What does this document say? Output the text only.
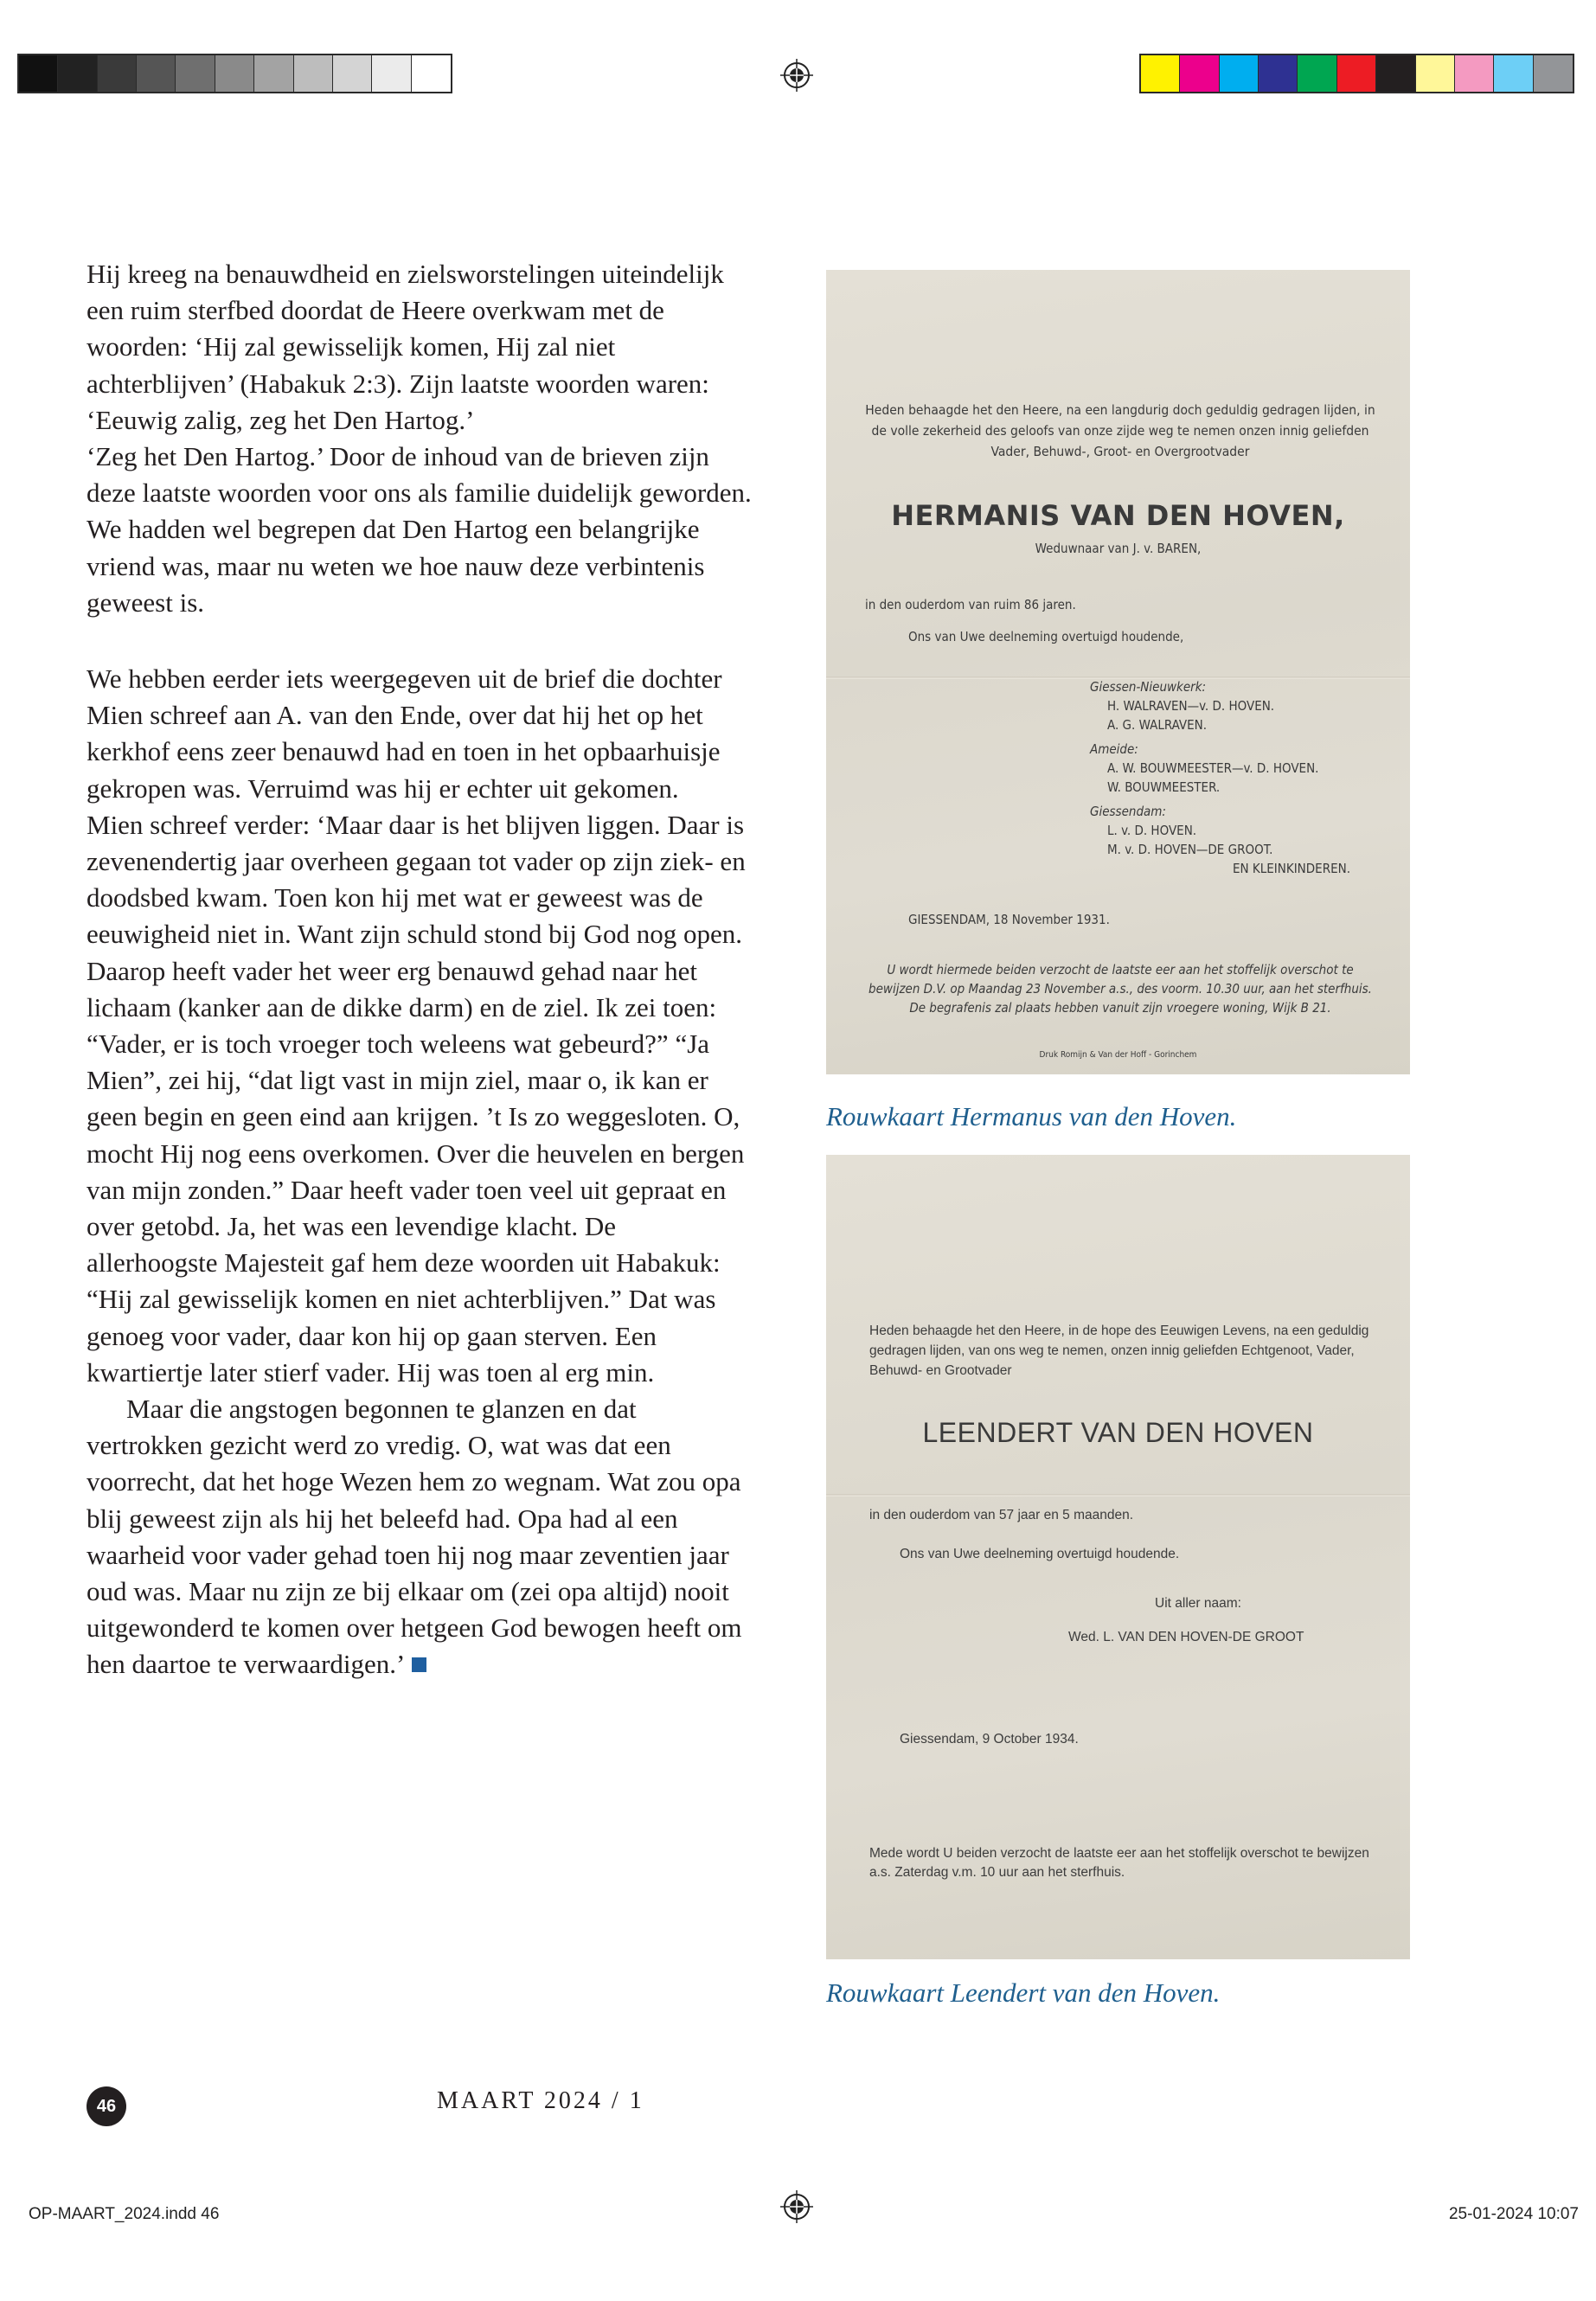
Hij kreeg na benauwdheid en zielsworstelingen uiteindelijk een ruim sterfbed doordat de Heere overkwam met de woorden: ‘Hij zal gewisselijk komen, Hij zal niet achterblijven’ (Habakuk 2:3). Zijn laatste woorden waren: ‘Eeuwig zalig, zeg het Den Hartog.’

‘Zeg het Den Hartog.’ Door de inhoud van de brieven zijn deze laatste woorden voor ons als familie duidelijk geworden. We hadden wel begrepen dat Den Hartog een belangrijke vriend was, maar nu weten we hoe nauw deze verbintenis geweest is.

We hebben eerder iets weergegeven uit de brief die dochter Mien schreef aan A. van den Ende, over dat hij het op het kerkhof eens zeer benauwd had en toen in het opbaarhuisje gekropen was. Verruimd was hij er echter uit gekomen.

Mien schreef verder: ‘Maar daar is het blijven liggen. Daar is zevenendertig jaar overheen gegaan tot vader op zijn ziek- en doodsbed kwam. Toen kon hij met wat er geweest was de eeuwigheid niet in. Want zijn schuld stond bij God nog open. Daarop heeft vader het weer erg benauwd gehad naar het lichaam (kanker aan de dikke darm) en de ziel. Ik zei toen: “Vader, er is toch vroeger toch weleens wat gebeurd?” “Ja Mien”, zei hij, “dat ligt vast in mijn ziel, maar o, ik kan er geen begin en geen eind aan krijgen. ’t Is zo weggesloten. O, mocht Hij nog eens overkomen. Over die heuvelen en bergen van mijn zonden.” Daar heeft vader toen veel uit gepraat en over getobd. Ja, het was een levendige klacht. De allerhoogste Majesteit gaf hem deze woorden uit Habakuk: “Hij zal gewisselijk komen en niet achterblijven.” Dat was genoeg voor vader, daar kon hij op gaan sterven. Een kwartiertje later stierf vader. Hij was toen al erg min.

Maar die angstogen begonnen te glanzen en dat vertrokken gezicht werd zo vredig. O, wat was dat een voorrecht, dat het hoge Wezen hem zo wegnam. Wat zou opa blij geweest zijn als hij het beleefd had. Opa had al een waarheid voor vader gehad toen hij nog maar zeventien jaar oud was. Maar nu zijn ze bij elkaar om (zei opa altijd) nooit uitgewonderd te komen over hetgeen God bewogen heeft om hen daartoe te verwaardigen.’

Heden behaagde het den Heere, na een langdurig doch geduldig gedragen lijden, in de volle zekerheid des geloofs van onze zijde weg te nemen onzen innig geliefden Vader, Behuwd-, Groot- en Overgrootvader
HERMANIS VAN DEN HOVEN,
Weduwnaar van J. v. BAREN,
in den ouderdom van ruim 86 jaren.
Ons van Uwe deelneming overtuigd houdende,
Giessen-Nieuwkerk:
H. WALRAVEN—v. D. HOVEN.
A. G. WALRAVEN.
Ameide:
A. W. BOUWMEESTER—v. D. HOVEN.
W. BOUWMEESTER.
Giessendam:
L. v. D. HOVEN.
M. v. D. HOVEN—DE GROOT.
EN KLEINKINDEREN.
GIESSENDAM, 18 November 1931.
U wordt hiermede beiden verzocht de laatste eer aan het stoffelijk overschot te bewijzen D.V. op Maandag 23 November a.s., des voorm. 10.30 uur, aan het sterfhuis. De begrafenis zal plaats hebben vanuit zijn vroegere woning, Wijk B 21.
Druk Romijn & Van der Hoff - Gorinchem
Rouwkaart Hermanus van den Hoven.
Heden behaagde het den Heere, in de hope des Eeuwigen Levens, na een geduldig gedragen lijden, van ons weg te nemen, onzen innig geliefden Echtgenoot, Vader, Behuwd- en Grootvader
LEENDERT VAN DEN HOVEN
in den ouderdom van 57 jaar en 5 maanden.
Ons van Uwe deelneming overtuigd houdende.
Uit aller naam:
Wed. L. VAN DEN HOVEN-DE GROOT
Giessendam, 9 October 1934.
Mede wordt U beiden verzocht de laatste eer aan het stoffelijk overschot te bewijzen a.s. Zaterdag v.m. 10 uur aan het sterfhuis.
Rouwkaart Leendert van den Hoven.
46	MAART 2024 / 1
OP-MAART_2024.indd 46	25-01-2024 10:07
